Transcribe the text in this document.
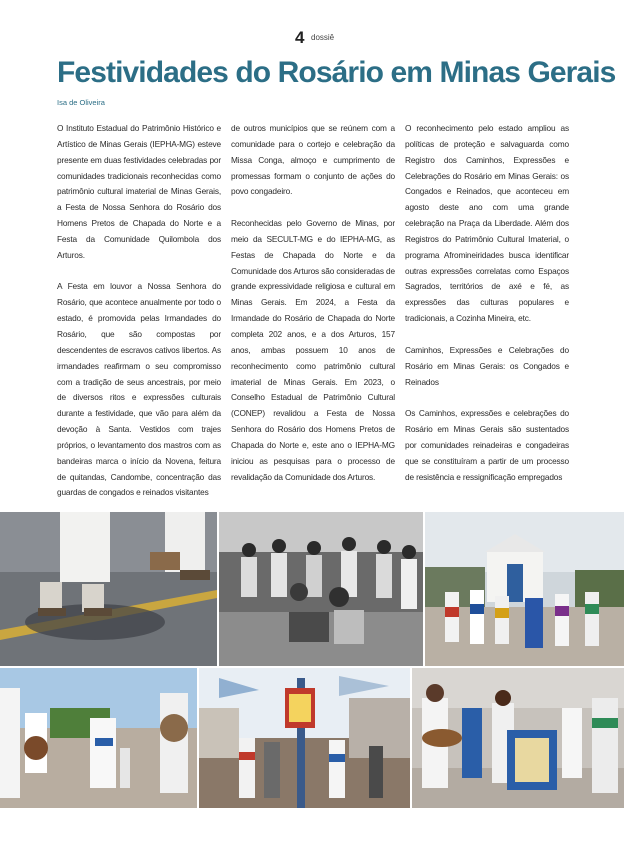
4 dossiê
Festividades do Rosário em Minas Gerais
Isa de Oliveira

O Instituto Estadual do Patrimônio Histórico e Artístico de Minas Gerais (IEPHA-MG) esteve presente em duas festividades celebradas por comunidades tradicionais reconhecidas como patrimônio cultural imaterial de Minas Gerais, a Festa de Nossa Senhora do Rosário dos Homens Pretos de Chapada do Norte e a Festa da Comunidade Quilombola dos Arturos.

A Festa em louvor a Nossa Senhora do Rosário, que acontece anualmente por todo o estado, é promovida pelas Irmandades do Rosário, que são compostas por descendentes de escravos cativos libertos. As irmandades reafirmam o seu compromisso com a tradição de seus ancestrais, por meio de diversos ritos e expressões culturais durante a festividade, que vão para além da devoção à Santa. Vestidos com trajes próprios, o levantamento dos mastros com as bandeiras marca o início da Novena, feitura de quitandas, Candombe, concentração das guardas de congados e reinados visitantes

de outros municípios que se reúnem com a comunidade para o cortejo e celebração da Missa Conga, almoço e cumprimento de promessas formam o conjunto de ações do povo congadeiro.

Reconhecidas pelo Governo de Minas, por meio da SECULT-MG e do IEPHA-MG, as Festas de Chapada do Norte e da Comunidade dos Arturos são consideradas de grande expressividade religiosa e cultural em Minas Gerais. Em 2024, a Festa da Irmandade do Rosário de Chapada do Norte completa 202 anos, e a dos Arturos, 157 anos, ambas possuem 10 anos de reconhecimento como patrimônio cultural imaterial de Minas Gerais. Em 2023, o Conselho Estadual de Patrimônio Cultural (CONEP) revalidou a Festa de Nossa Senhora do Rosário dos Homens Pretos de Chapada do Norte e, este ano o IEPHA-MG iniciou as pesquisas para o processo de revalidação da Comunidade dos Arturos.

O reconhecimento pelo estado ampliou as políticas de proteção e salvaguarda como Registro dos Caminhos, Expressões e Celebrações do Rosário em Minas Gerais: os Congados e Reinados, que aconteceu em agosto deste ano com uma grande celebração na Praça da Liberdade. Além dos Registros do Patrimônio Cultural Imaterial, o programa Afromineiridades busca identificar outras expressões correlatas como Espaços Sagrados, territórios de axé e fé, as expressões das culturas populares e tradicionais, a Cozinha Mineira, etc.

Caminhos, Expressões e Celebrações do Rosário em Minas Gerais: os Congados e Reinados

Os Caminhos, expressões e celebrações do Rosário em Minas Gerais são sustentados por comunidades reinadeiras e congadeiras que se constituíram a partir de um processo de resistência e ressignificação empregados
